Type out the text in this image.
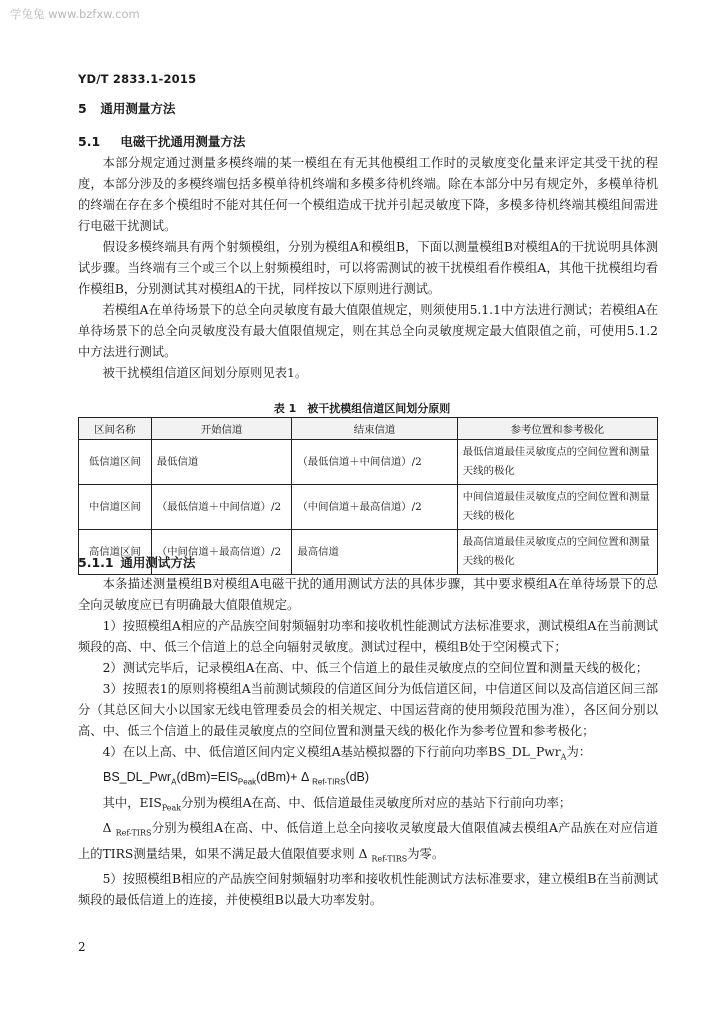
学兔兔 www.bzfxw.com
YD/T 2833.1-2015
5 通用测量方法
5.1 电磁干扰通用测量方法

本部分规定通过测量多模终端的某一模组在有无其他模组工作时的灵敏度变化量来评定其受干扰的程度，本部分涉及的多模终端包括多模单待机终端和多模多待机终端。除在本部分中另有规定外，多模单待机的终端在存在多个模组时不能对其任何一个模组造成干扰并引起灵敏度下降，多模多待机终端其模组间需进行电磁干扰测试。

假设多模终端具有两个射频模组，分别为模组A和模组B，下面以测量模组B对模组A的干扰说明具体测试步骤。当终端有三个或三个以上射频模组时，可以将需测试的被干扰模组看作模组A，其他干扰模组均看作模组B，分别测试其对模组A的干扰，同样按以下原则进行测试。

若模组A在单待场景下的总全向灵敏度有最大值限值规定，则须使用5.1.1中方法进行测试；若模组A在单待场景下的总全向灵敏度没有最大值限值规定，则在其总全向灵敏度规定最大值限值之前，可使用5.1.2中方法进行测试。

被干扰模组信道区间划分原则见表1。

表 1　被干扰模组信道区间划分原则
区间名称	开始信道	结束信道	参考位置和参考极化
低信道区间	最低信道	（最低信道＋中间信道）/2	最低信道最佳灵敏度点的空间位置和测量天线的极化
中信道区间	（最低信道＋中间信道）/2	（中间信道＋最高信道）/2	中间信道最佳灵敏度点的空间位置和测量天线的极化
高信道区间	（中间信道＋最高信道）/2	最高信道	最高信道最佳灵敏度点的空间位置和测量天线的极化
5.1.1 通用测试方法

本条描述测量模组B对模组A电磁干扰的通用测试方法的具体步骤，其中要求模组A在单待场景下的总全向灵敏度应已有明确最大值限值规定。

1）按照模组A相应的产品族空间射频辐射功率和接收机性能测试方法标准要求，测试模组A在当前测试频段的高、中、低三个信道上的总全向辐射灵敏度。测试过程中，模组B处于空闲模式下；

2）测试完毕后，记录模组A在高、中、低三个信道上的最佳灵敏度点的空间位置和测量天线的极化；

3）按照表1的原则将模组A当前测试频段的信道区间分为低信道区间，中信道区间以及高信道区间三部分（其总区间大小以国家无线电管理委员会的相关规定、中国运营商的使用频段范围为准），各区间分别以高、中、低三个信道上的最佳灵敏度点的空间位置和测量天线的极化作为参考位置和参考极化；

4）在以上高、中、低信道区间内定义模组A基站模拟器的下行前向功率BS_DL_Pwr$_A$为：

$BS\_DL\_Pwr_A(dBm)=EIS_{Peak}(dBm)+ \Delta$ $_{Ref-TIRS}$(dB)

其中，$EIS_{Peak}$分别为模组A在高、中、低信道最佳灵敏度所对应的基站下行前向功率；

Δ $_{Ref-TIRS}$分别为模组A在高、中、低信道上总全向接收灵敏度最大值限值减去模组A产品族在对应信道上的TIRS测量结果，如果不满足最大值限值要求则 Δ $_{Ref-TIRS}$为零。

5）按照模组B相应的产品族空间射频辐射功率和接收机性能测试方法标准要求，建立模组B在当前测试频段的最低信道上的连接，并使模组B以最大功率发射。

2
